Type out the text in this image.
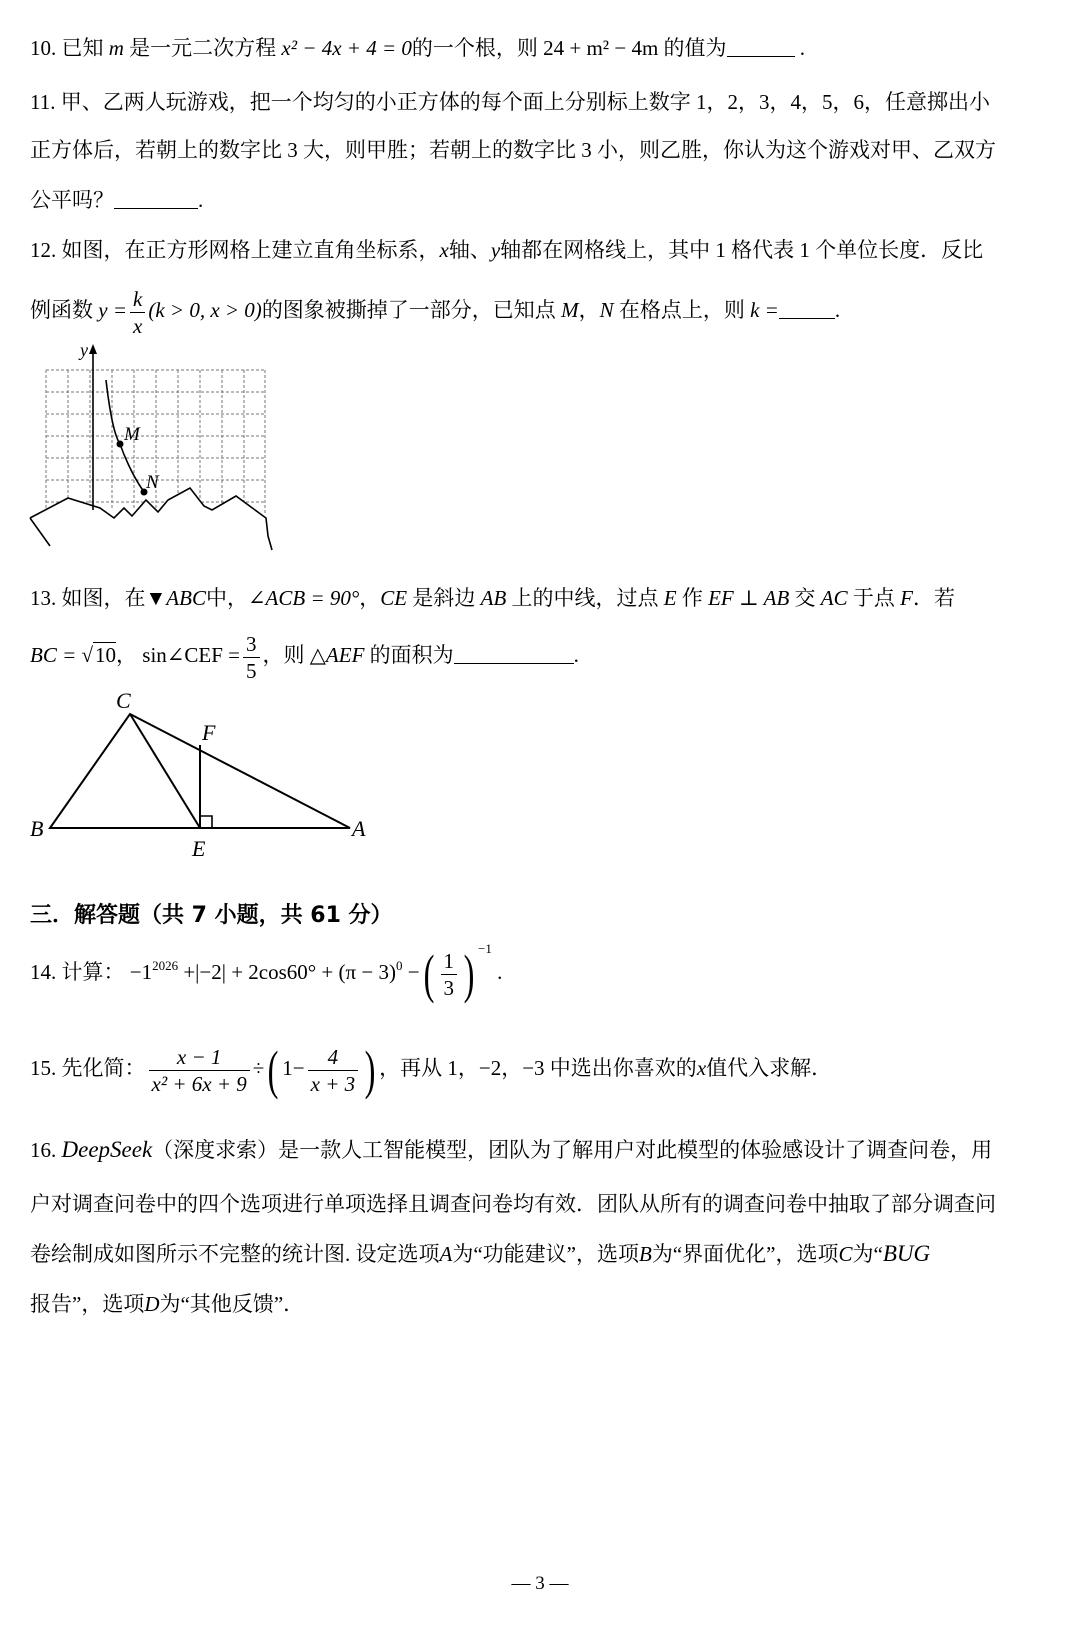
10. 已知 m 是一元二次方程 x² − 4x + 4 = 0的一个根，则 24 + m² − 4m 的值为	.
11. 甲、乙两人玩游戏，把一个均匀的小正方体的每个面上分别标上数字 1，2，3，4，5，6，任意掷出小
正方体后，若朝上的数字比 3 大，则甲胜；若朝上的数字比 3 小，则乙胜，你认为这个游戏对甲、乙双方
公平吗？	.
12. 如图，在正方形网格上建立直角坐标系，x轴、y轴都在网格线上，其中 1 格代表 1 个单位长度．反比
例函数 $y = \frac{k}{x} (k > 0$, x > 0)的图象被撕掉了一部分，已知点 M，N 在格点上，则 k =	.
y
M
N
13. 如图，在▼ABC中，∠ACB = 90°，CE 是斜边 AB 上的中线，过点 E 作 EF ⊥ AB 交 AC 于点 F．若
BC = √10， sin∠CEF = $\frac{3}{5}$ ，则 △AEF 的面积为	.
C
F
B
E
A
三．解答题（共 7 小题，共 61 分）
14. 计算： $-1^{2026} +|-2| + 2\cos 60^\circ + (\pi - 3)^0$ −( $\frac{1}{3}$ ) $^{-1}$ .
15. 先化简： $\frac{x - 1}{\text{x² + 6x + 9}}$ ÷( $1- \frac{4}{x + 3}$ ) ，再从 1，−2，−3 中选出你喜欢的x值代入求解．
16. DeepSeek（深度求索）是一款人工智能模型，团队为了解用户对此模型的体验感设计了调查问卷，用
户对调查问卷中的四个选项进行单项选择且调查问卷均有效．团队从所有的调查问卷中抽取了部分调查问
卷绘制成如图所示不完整的统计图. 设定选项A为“功能建议”，选项B为“界面优化”，选项C为“BUG
报告”，选项D为“其他反馈”．
— 3 —
